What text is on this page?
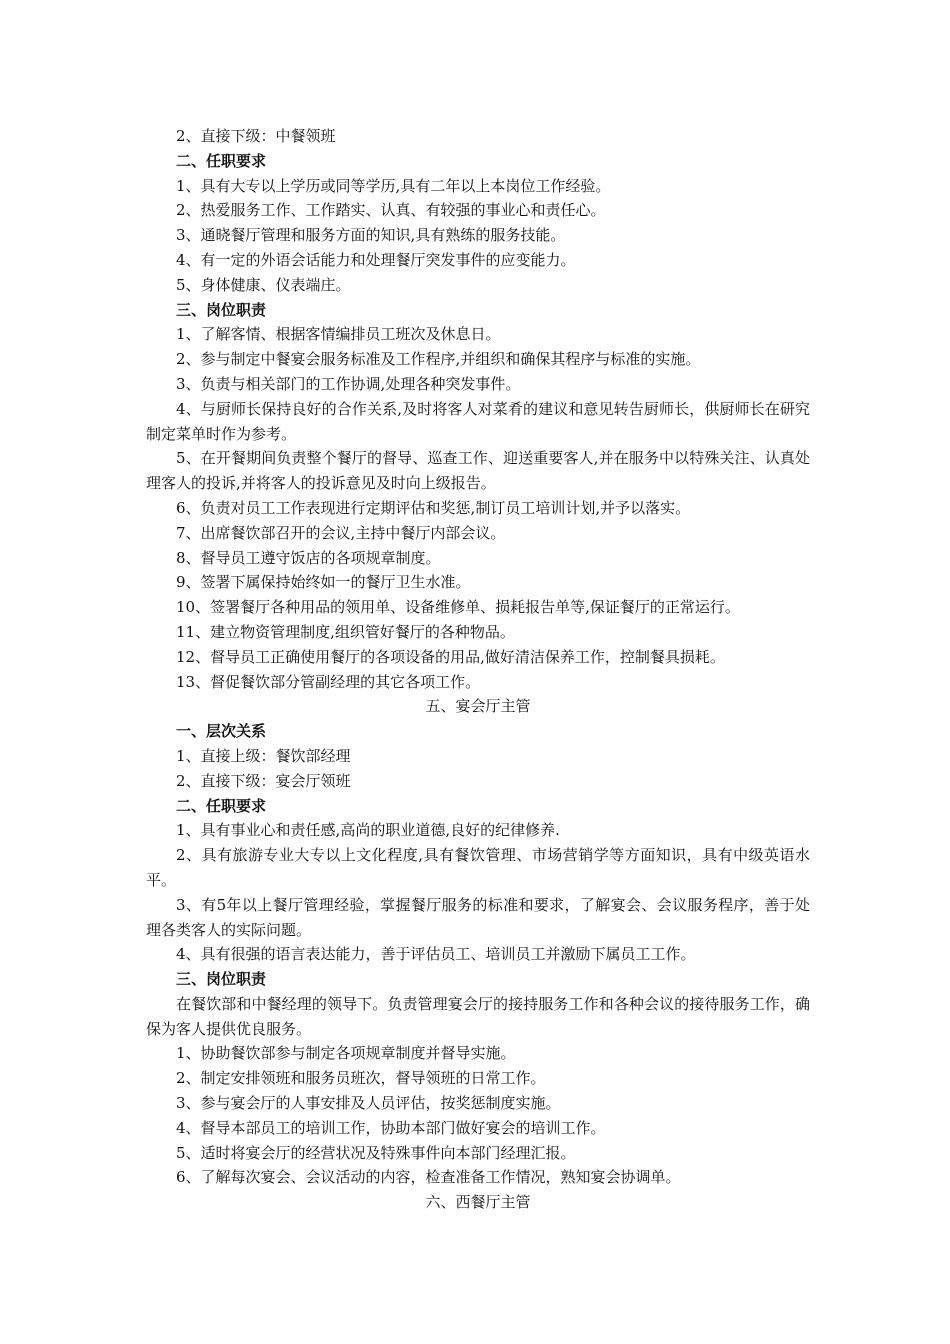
2、直接下级：中餐领班
二、任职要求
1、具有大专以上学历或同等学历,具有二年以上本岗位工作经验。
2、热爱服务工作、工作踏实、认真、有较强的事业心和责任心。
3、通晓餐厅管理和服务方面的知识,具有熟练的服务技能。
4、有一定的外语会话能力和处理餐厅突发事件的应变能力。
5、身体健康、仪表端庄。
三、岗位职责
1、了解客情、根据客情编排员工班次及休息日。
2、参与制定中餐宴会服务标准及工作程序,并组织和确保其程序与标准的实施。
3、负责与相关部门的工作协调,处理各种突发事件。
4、与厨师长保持良好的合作关系,及时将客人对菜肴的建议和意见转告厨师长，供厨师长在研究制定菜单时作为参考。
5、在开餐期间负责整个餐厅的督导、巡查工作、迎送重要客人,并在服务中以特殊关注、认真处理客人的投诉,并将客人的投诉意见及时向上级报告。
6、负责对员工工作表现进行定期评估和奖惩,制订员工培训计划,并予以落实。
7、出席餐饮部召开的会议,主持中餐厅内部会议。
8、督导员工遵守饭店的各项规章制度。
9、签署下属保持始终如一的餐厅卫生水准。
10、签署餐厅各种用品的领用单、设备维修单、损耗报告单等,保证餐厅的正常运行。
11、建立物资管理制度,组织管好餐厅的各种物品。
12、督导员工正确使用餐厅的各项设备的用品,做好清洁保养工作，控制餐具损耗。
13、督促餐饮部分管副经理的其它各项工作。
五、宴会厅主管
一、层次关系
1、直接上级：餐饮部经理
2、直接下级：宴会厅领班
二、任职要求
1、具有事业心和责任感,高尚的职业道德,良好的纪律修养.
2、具有旅游专业大专以上文化程度,具有餐饮管理、市场营销学等方面知识，具有中级英语水平。
3、有5年以上餐厅管理经验，掌握餐厅服务的标准和要求，了解宴会、会议服务程序，善于处理各类客人的实际问题。
4、具有很强的语言表达能力，善于评估员工、培训员工并激励下属员工工作。
三、岗位职责
在餐饮部和中餐经理的领导下。负责管理宴会厅的接持服务工作和各种会议的接待服务工作，确保为客人提供优良服务。
1、协助餐饮部参与制定各项规章制度并督导实施。
2、制定安排领班和服务员班次，督导领班的日常工作。
3、参与宴会厅的人事安排及人员评估，按奖惩制度实施。
4、督导本部员工的培训工作，协助本部门做好宴会的培训工作。
5、适时将宴会厅的经营状况及特殊事件向本部门经理汇报。
6、了解每次宴会、会议活动的内容，检查准备工作情况，熟知宴会协调单。
六、西餐厅主管
